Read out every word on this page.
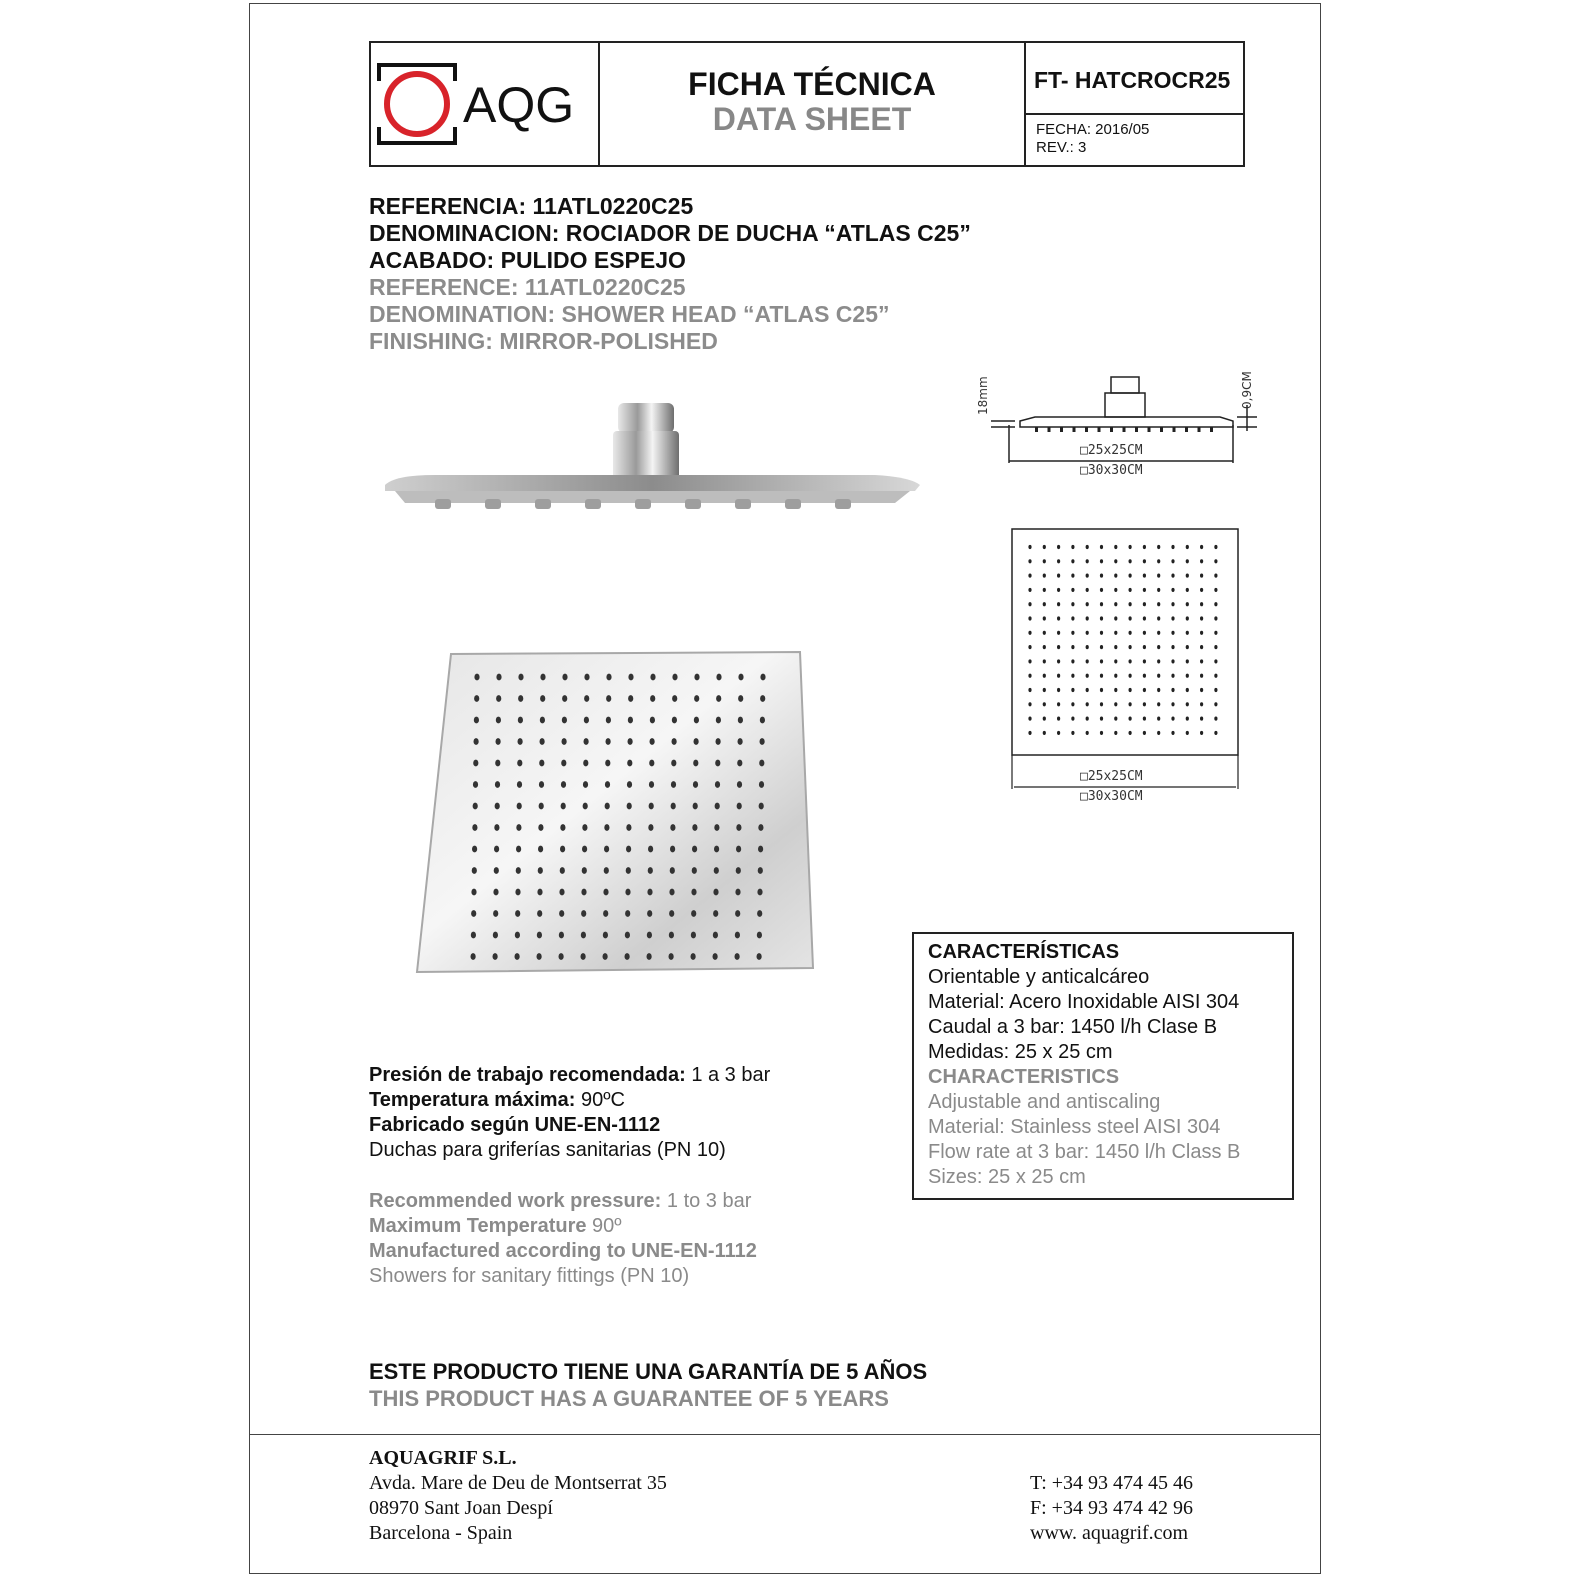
AQG	FICHA TÉCNICA
DATA SHEET
FT- HATCROCR25
FECHA: 2016/05
REV.: 3
REFERENCIA: 11ATL0220C25
DENOMINACION: ROCIADOR DE DUCHA “ATLAS C25”
ACABADO: PULIDO ESPEJO
REFERENCE: 11ATL0220C25
DENOMINATION: SHOWER HEAD “ATLAS C25”
FINISHING: MIRROR-POLISHED
18mm	0,9CM
□25x25CM
□30x30CM
□25x25CM
□30x30CM
Presión de trabajo recomendada: 1 a 3 bar
Temperatura máxima: 90ºC
Fabricado según UNE-EN-1112
Duchas para griferías sanitarias (PN 10)
Recommended work pressure: 1 to 3 bar
Maximum Temperature 90º
Manufactured according to UNE-EN-1112
Showers for sanitary fittings (PN 10)
CARACTERÍSTICAS
Orientable y anticalcáreo
Material: Acero Inoxidable AISI 304
Caudal a 3 bar: 1450 l/h Clase B
Medidas: 25 x 25 cm
CHARACTERISTICS
Adjustable and antiscaling
Material: Stainless steel AISI 304
Flow rate at 3 bar: 1450 l/h Class B
Sizes: 25 x 25 cm
ESTE PRODUCTO TIENE UNA GARANTÍA DE 5 AÑOS
THIS PRODUCT HAS A GUARANTEE OF 5 YEARS
AQUAGRIF S.L.
Avda. Mare de Deu de Montserrat 35
08970 Sant Joan Despí
Barcelona - Spain
T: +34 93 474 45 46
F: +34 93 474 42 96
www. aquagrif.com
